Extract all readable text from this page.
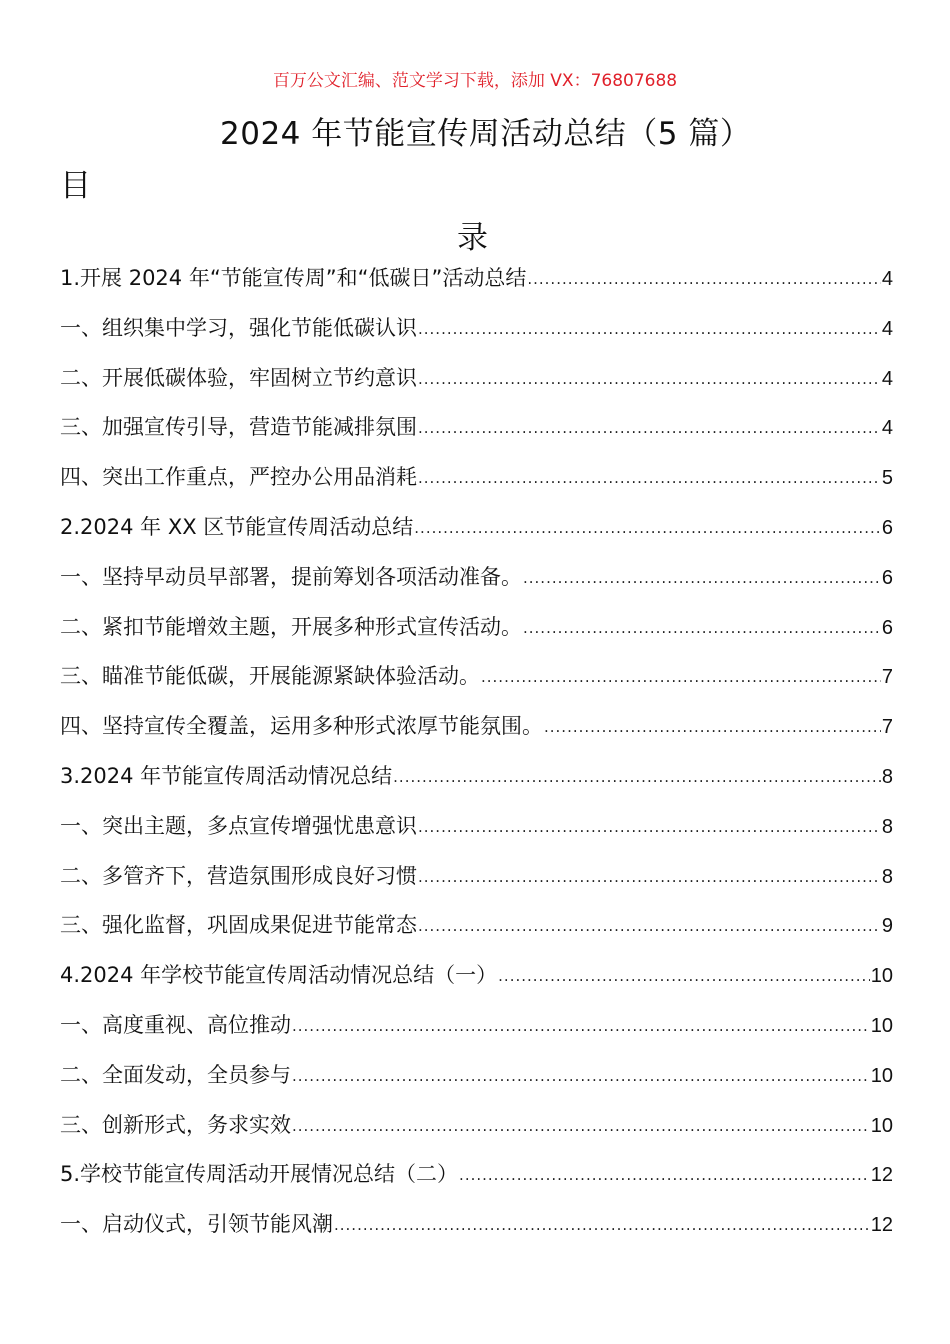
百万公文汇编、范文学习下载，添加 VX：76807688
2024 年节能宣传周活动总结（5 篇）
目
录
1.开展 2024 年“节能宣传周”和“低碳日”活动总结 .....	4
一、组织集中学习，强化节能低碳认识 .....	4
二、开展低碳体验，牢固树立节约意识 .....	4
三、加强宣传引导，营造节能减排氛围 .....	4
四、突出工作重点，严控办公用品消耗 .....	5
2.2024 年 XX 区节能宣传周活动总结 .....	6
一、坚持早动员早部署，提前筹划各项活动准备。 .....	6
二、紧扣节能增效主题，开展多种形式宣传活动。 .....	6
三、瞄准节能低碳，开展能源紧缺体验活动。 .....	7
四、坚持宣传全覆盖，运用多种形式浓厚节能氛围。 .....	7
3.2024 年节能宣传周活动情况总结 .....	8
一、突出主题，多点宣传增强忧患意识 .....	8
二、多管齐下，营造氛围形成良好习惯 .....	8
三、强化监督，巩固成果促进节能常态 .....	9
4.2024 年学校节能宣传周活动情况总结（一） .....	10
一、高度重视、高位推动 .....	10
二、全面发动，全员参与 .....	10
三、创新形式，务求实效 .....	10
5.学校节能宣传周活动开展情况总结（二） .....	12
一、启动仪式，引领节能风潮 .....	12
